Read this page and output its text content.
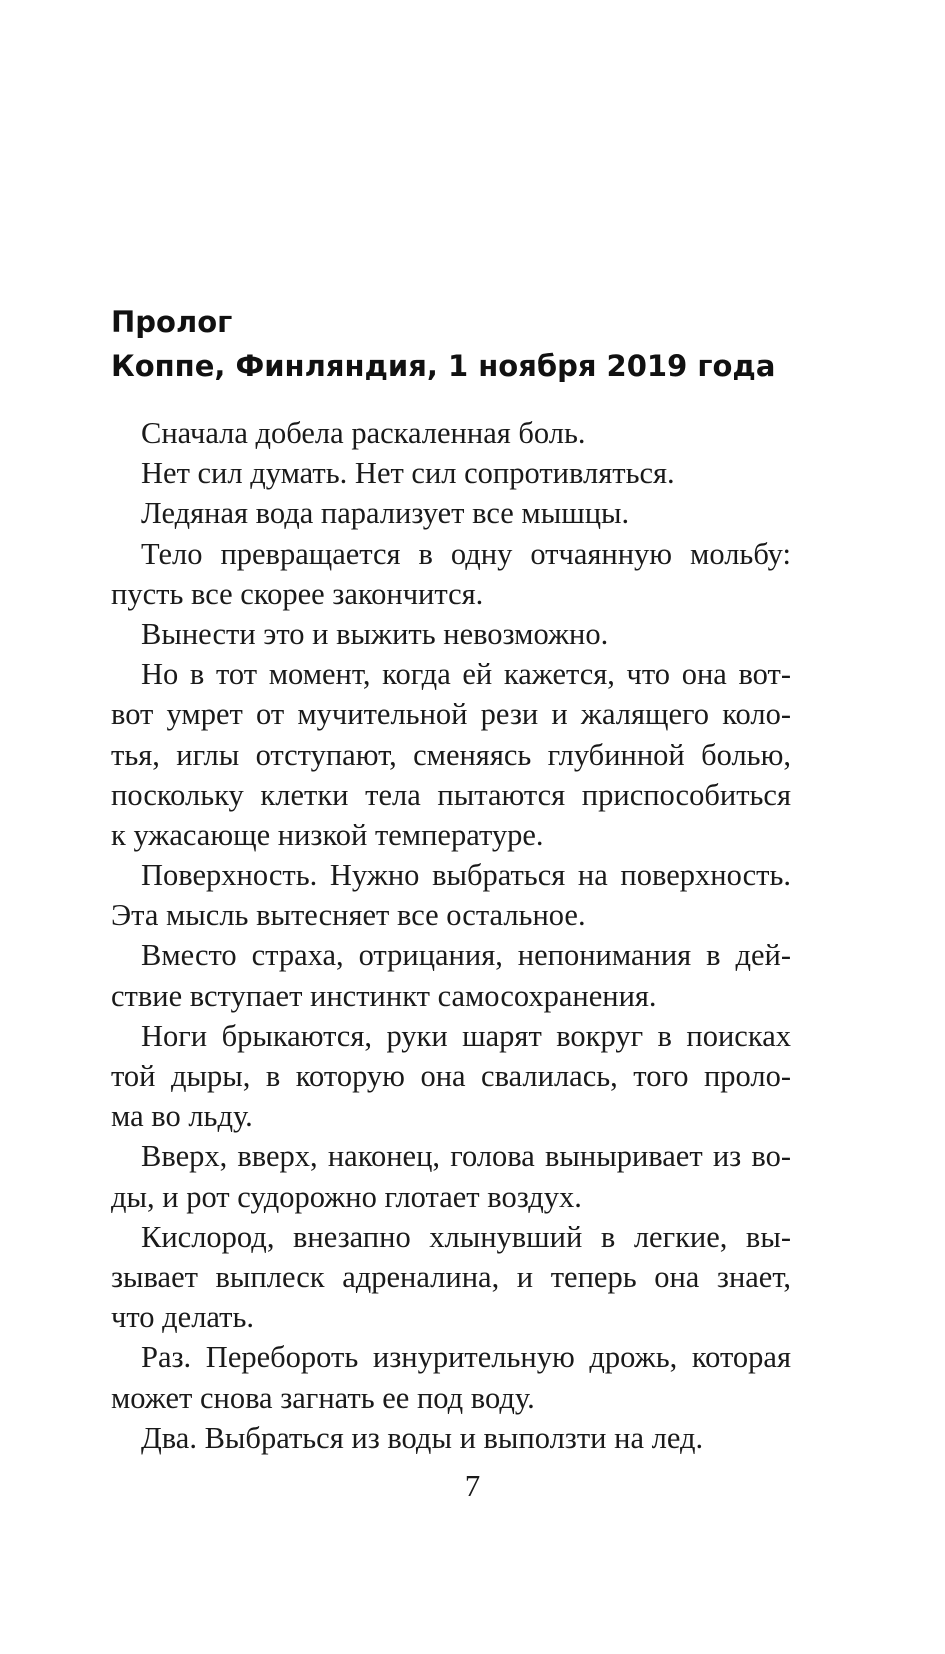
Пролог
Коппе, Финляндия, 1 ноября 2019 года
Сначала добела раскаленная боль.
Нет сил думать. Нет сил сопротивляться.
Ледяная вода парализует все мышцы.
Тело превращается в одну отчаянную мольбу:
пусть все скорее закончится.
Вынести это и выжить невозможно.
Но в тот момент, когда ей кажется, что она вот-
вот умрет от мучительной рези и жалящего коло-
тья, иглы отступают, сменяясь глубинной болью,
поскольку клетки тела пытаются приспособиться
к ужасающе низкой температуре.
Поверхность. Нужно выбраться на поверхность.
Эта мысль вытесняет все остальное.
Вместо страха, отрицания, непонимания в дей-
ствие вступает инстинкт самосохранения.
Ноги брыкаются, руки шарят вокруг в поисках
той дыры, в которую она свалилась, того проло-
ма во льду.
Вверх, вверх, наконец, голова выныривает из во-
ды, и рот судорожно глотает воздух.
Кислород, внезапно хлынувший в легкие, вы-
зывает выплеск адреналина, и теперь она знает,
что делать.
Раз. Перебороть изнурительную дрожь, которая
может снова загнать ее под воду.
Два. Выбраться из воды и выползти на лед.
7
